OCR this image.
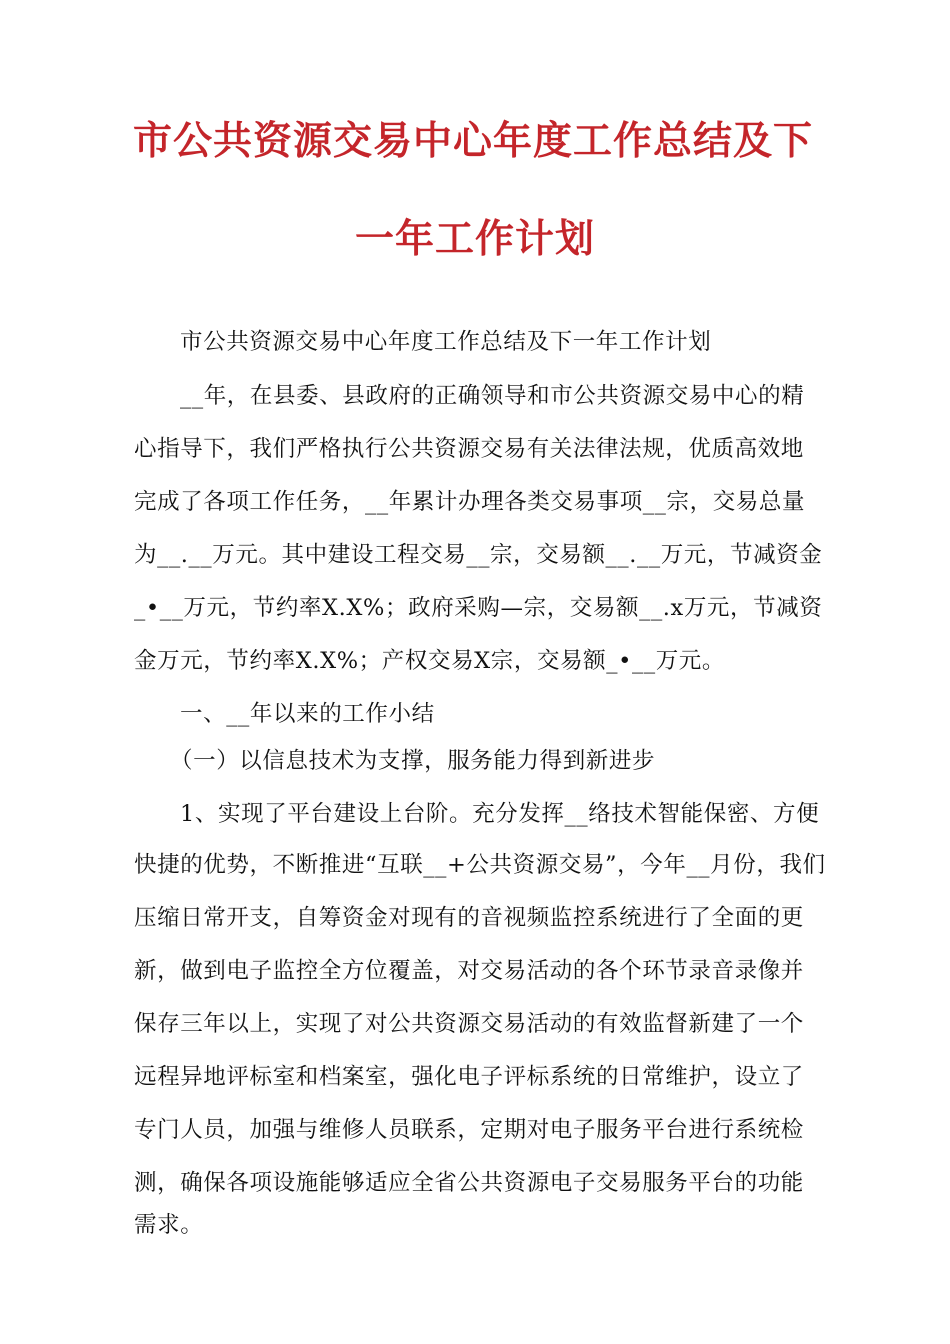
市公共资源交易中心年度工作总结及下
一年工作计划
市公共资源交易中心年度工作总结及下一年工作计划
__年，在县委、县政府的正确领导和市公共资源交易中心的精
心指导下，我们严格执行公共资源交易有关法律法规，优质高效地
完成了各项工作任务，__年累计办理各类交易事项__宗，交易总量
为__.__万元。其中建设工程交易__宗，交易额__.__万元，节减资金
_•__万元，节约率X.X%；政府采购—宗，交易额__.x万元，节减资
金万元，节约率X.X%；产权交易X宗，交易额_•__万元。
一、__年以来的工作小结
（一）以信息技术为支撑，服务能力得到新进步
1、实现了平台建设上台阶。充分发挥__络技术智能保密、方便
快捷的优势，不断推进“互联__+公共资源交易”，今年__月份，我们
压缩日常开支，自筹资金对现有的音视频监控系统进行了全面的更
新，做到电子监控全方位覆盖，对交易活动的各个环节录音录像并
保存三年以上，实现了对公共资源交易活动的有效监督新建了一个
远程异地评标室和档案室，强化电子评标系统的日常维护，设立了
专门人员，加强与维修人员联系，定期对电子服务平台进行系统检
测，确保各项设施能够适应全省公共资源电子交易服务平台的功能
需求。
